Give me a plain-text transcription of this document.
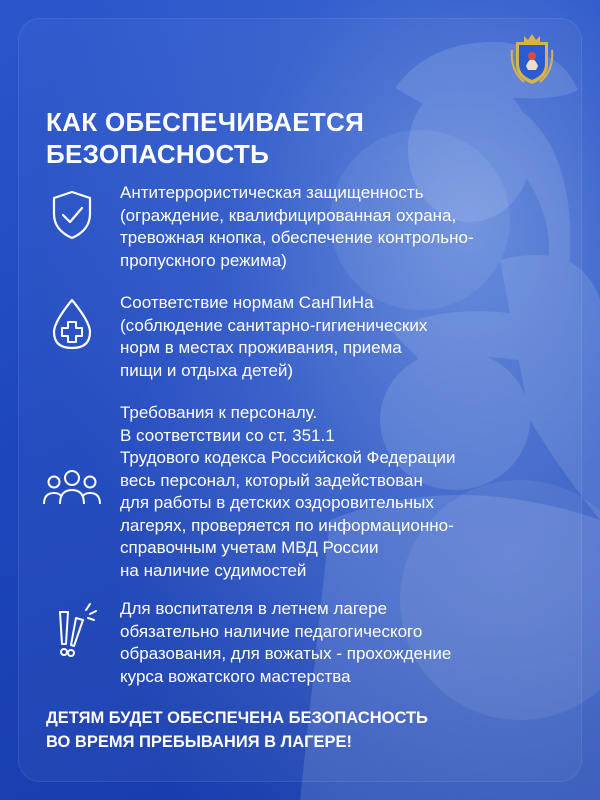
КАК ОБЕСПЕЧИВАЕТСЯ
БЕЗОПАСНОСТЬ
Антитеррористическая защищенность
(ограждение, квалифицированная охрана,
тревожная кнопка, обеспечение контрольно-
пропускного режима)
Соответствие нормам СанПиНа
(соблюдение санитарно-гигиенических
норм в местах проживания, приема
пищи и отдыха детей)
Требования к персоналу.
В соответствии со ст. 351.1
Трудового кодекса Российской Федерации
весь персонал, который задействован
для работы в детских оздоровительных
лагерях, проверяется по информационно-
справочным учетам МВД России
на наличие судимостей
Для воспитателя в летнем лагере
обязательно наличие педагогического
образования, для вожатых - прохождение
курса вожатского мастерства

ДЕТЯМ БУДЕТ ОБЕСПЕЧЕНА БЕЗОПАСНОСТЬ
ВО ВРЕМЯ ПРЕБЫВАНИЯ В ЛАГЕРЕ!
